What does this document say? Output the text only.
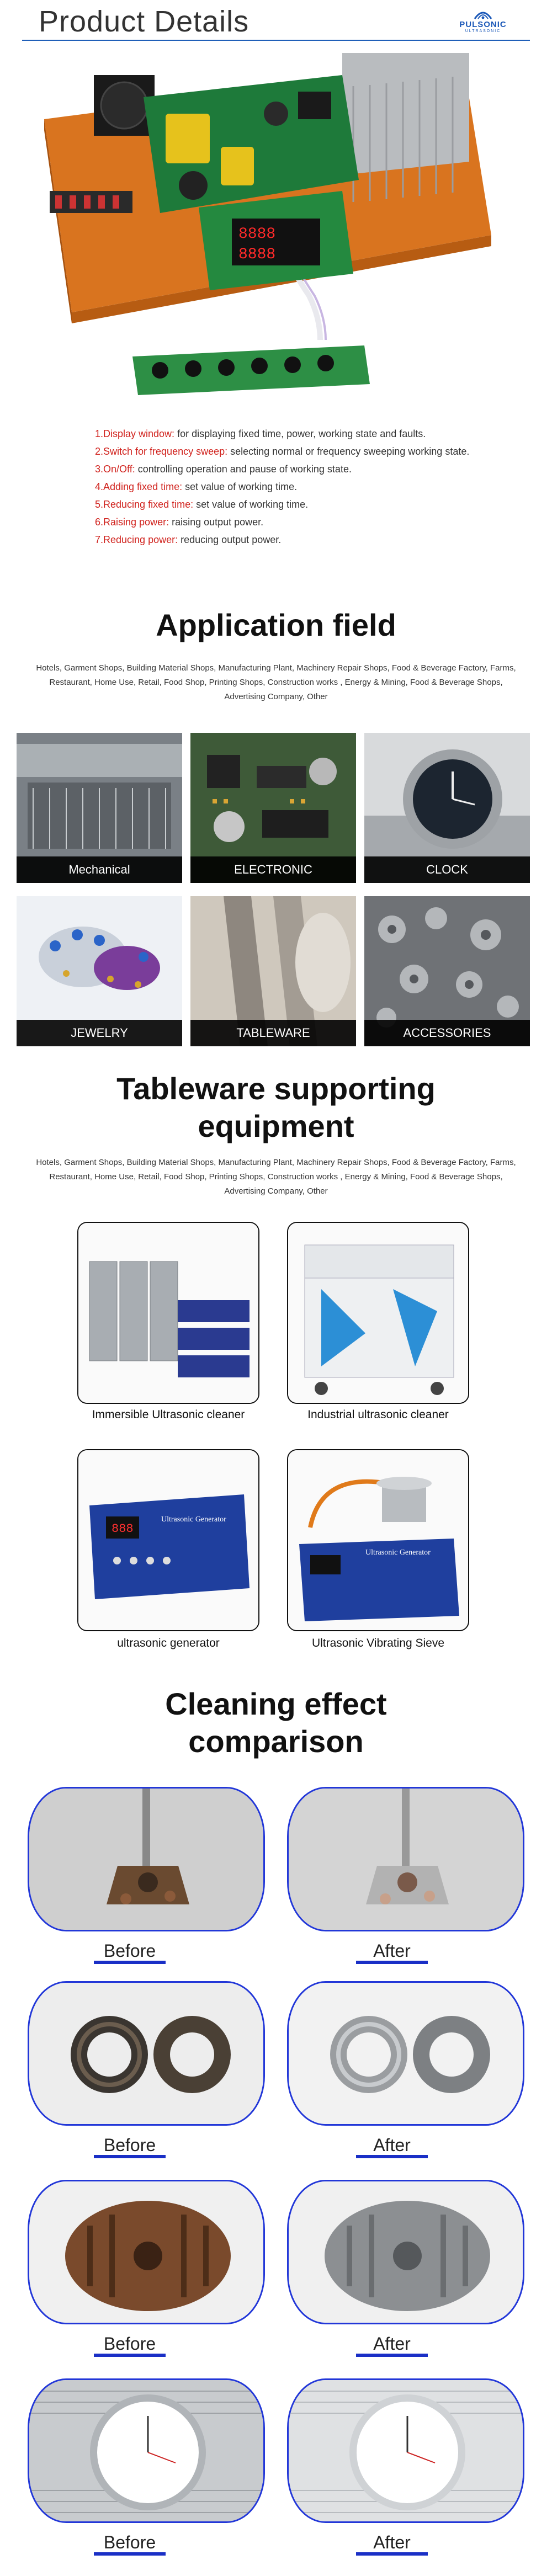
Product Details	PULSONIC
ULTRASONIC
8888
8888
1.Display window: for displaying fixed time, power, working state and faults.
2.Switch for frequency sweep: selecting normal or frequency sweeping working state.
3.On/Off: controlling operation and pause of working state.
4.Adding fixed time: set value of working time.
5.Reducing fixed time: set value of working time.
6.Raising power: raising output power.
7.Reducing power: reducing output power.
Application field

Hotels, Garment Shops, Building Material Shops, Manufacturing Plant, Machinery Repair Shops, Food & Beverage Factory, Farms, Restaurant, Home Use, Retail, Food Shop, Printing Shops, Construction works , Energy & Mining, Food & Beverage Shops, Advertising Company, Other

Mechanical	ELECTRONIC	CLOCK
JEWELRY	TABLEWARE	ACCESSORIES
Tableware supporting
equipment

Hotels, Garment Shops, Building Material Shops, Manufacturing Plant, Machinery Repair Shops, Food & Beverage Factory, Farms, Restaurant, Home Use, Retail, Food Shop, Printing Shops, Construction works , Energy & Mining, Food & Beverage Shops, Advertising Company, Other

Immersible Ultrasonic cleaner	Industrial ultrasonic cleaner
888
Ultrasonic Generator
Ultrasonic Generator
ultrasonic generator	Ultrasonic Vibrating Sieve
Cleaning effect
comparison
Before	After
Before	After
Before	After
Before	After
